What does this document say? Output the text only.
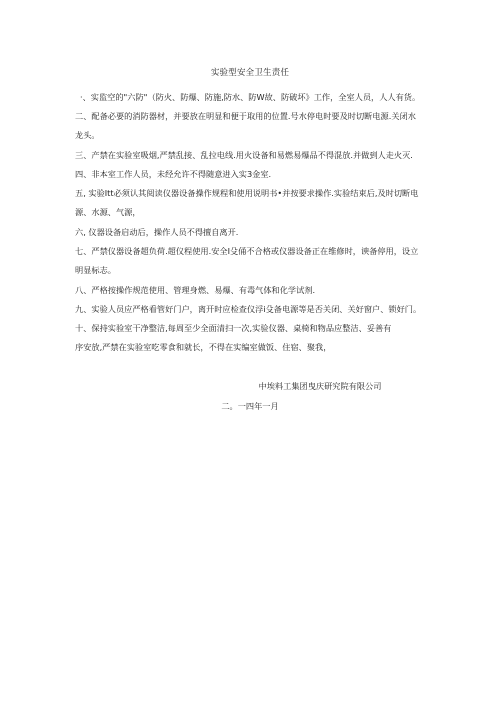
实验型安全卫生责任
·、实监空的"六防"（防火、防爆、防施,防水、防W故、防破坏》工作，全室人员，人人有货。
二、配备必要的消防器材，并要放在明显和便于取用的位置.号水停电时要及时切断电源.关闭水
龙头。
三、产禁在实验室吸烟,严禁乱接、乱拉电线.用火设备和易燃易爆品不得混放.并做到人走火灭.
四、非本室工作人员，未经允许不得随意进入实3金室.
五, 实验Itt必须认其阅读仪器设备操作规程和使用说明书•并按要求操作.实验结束后,及时切断电
源、水源、气源，
六, 仪器设备启动后，操作人员不得擅自离开.
七、严禁仪器设备超负荷.超仪程使用.安全I殳俑不合格或仪器设备正在维修时，谀备停用，设立
明显标志。
八、严格按操作规范使用、管理身燃、易爆、有毒气体和化学试剂.
九、实验人员应严格看管好门户，离开时应检查仪浮i殳备电源等是否关闭、关好窗户、锁好门。
十、保持实验室干净整洁,每周至少全面清扫一次,实验仪器、桌椅和物品应整洁、妥善有
序安放,严禁在实验室吃零食和就长，不得在实编室做饭、住宿、聚我，
中埃料工集团曳庆研究院有限公司
二。一四年一月
